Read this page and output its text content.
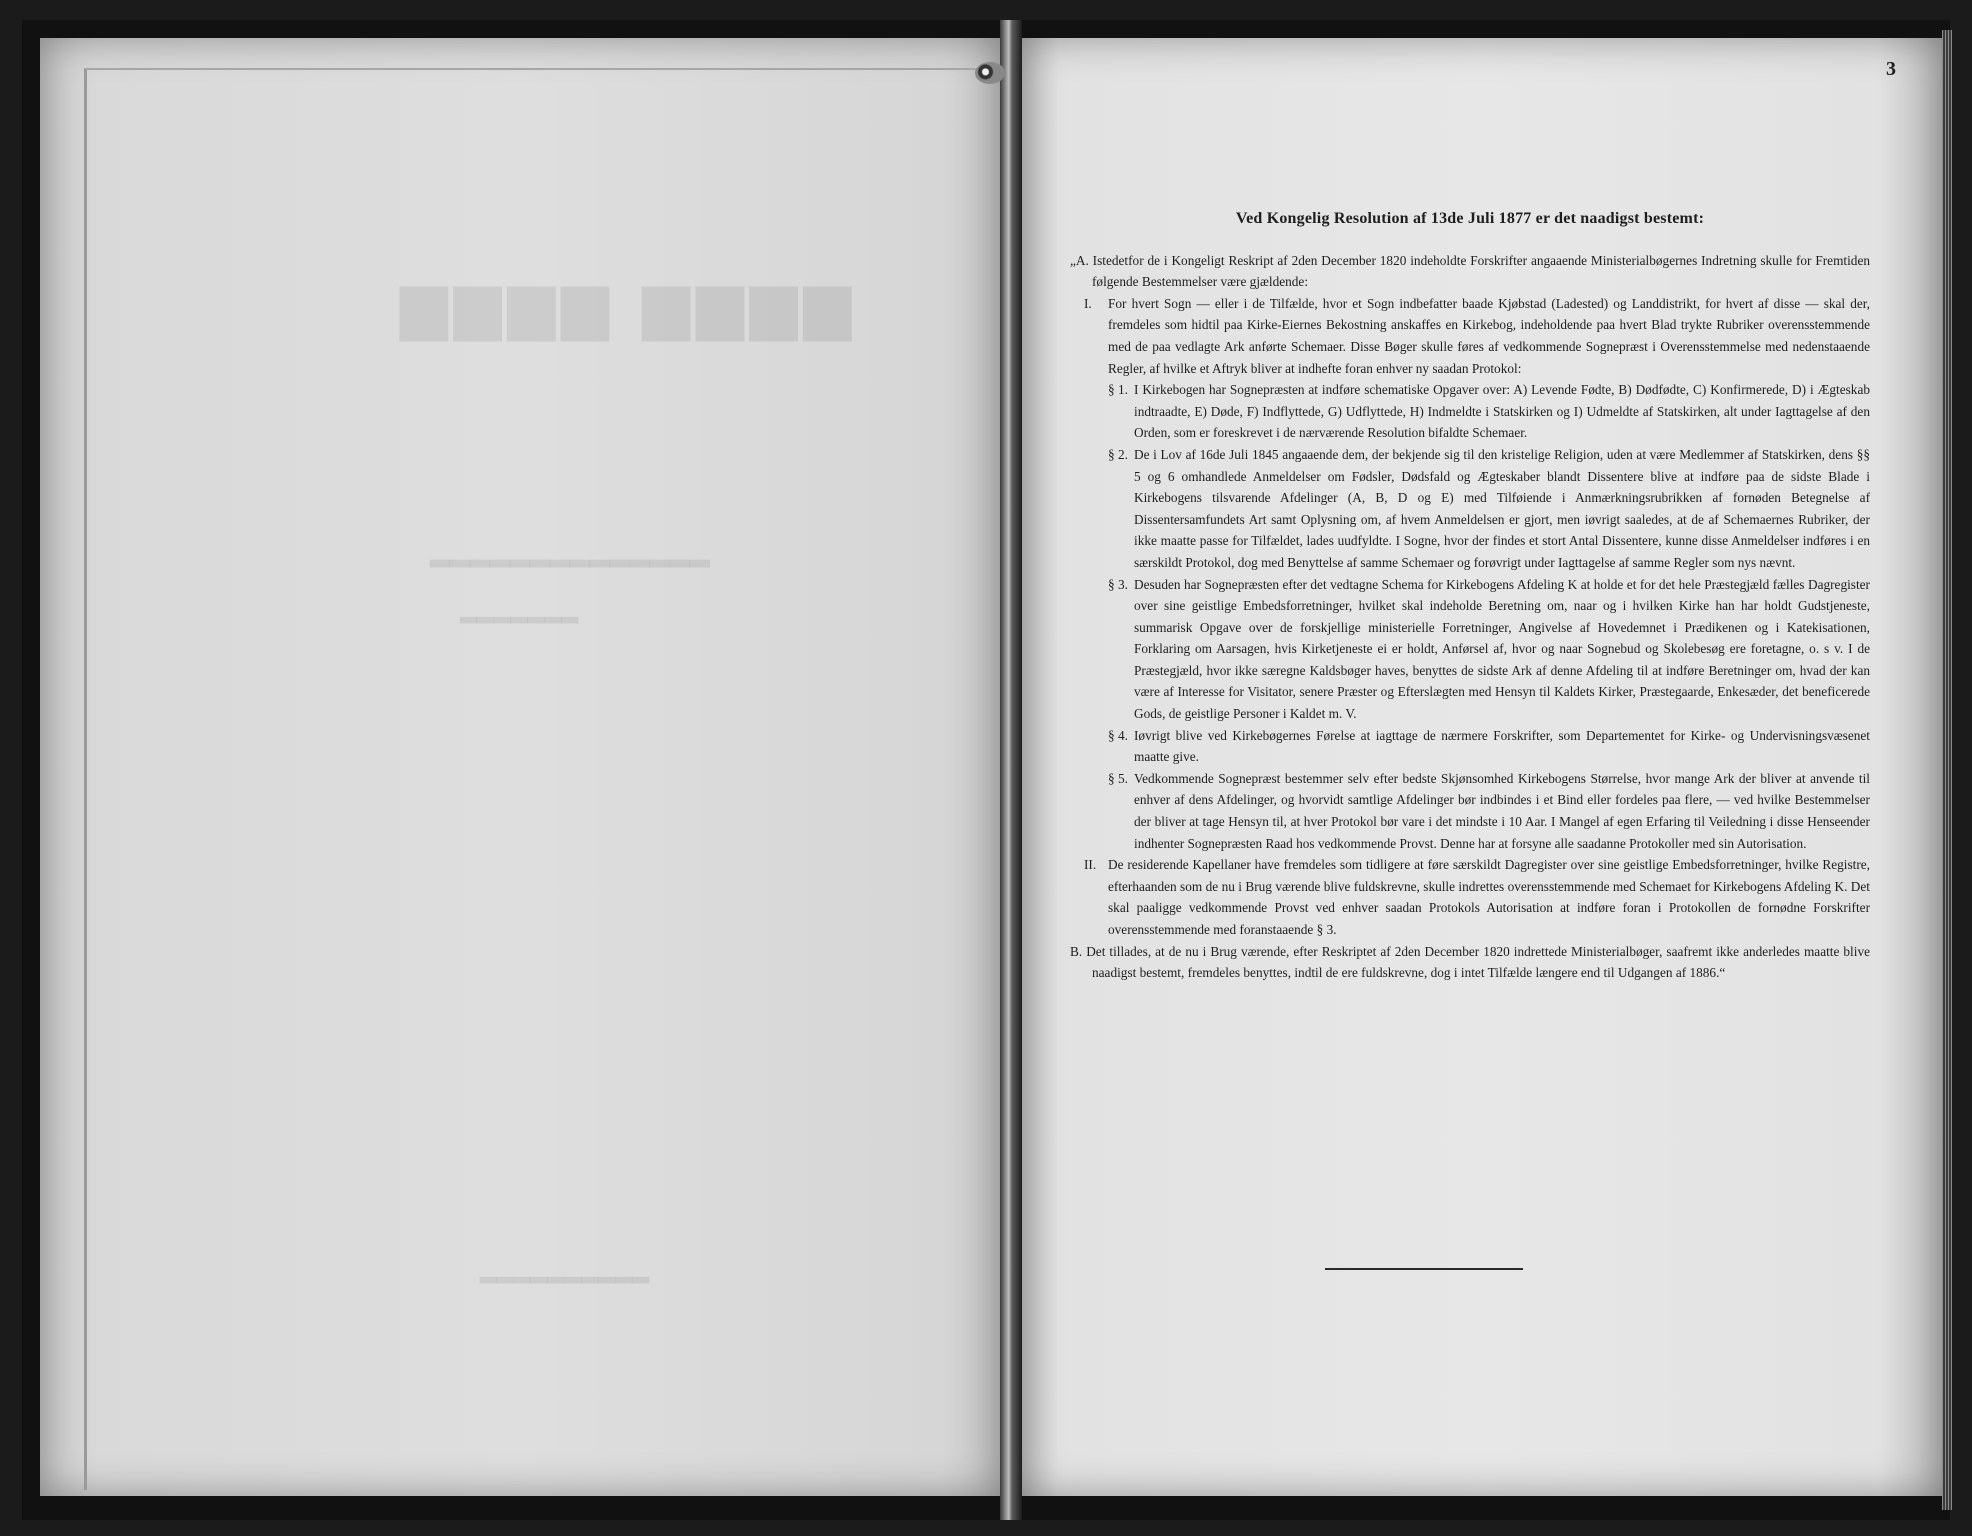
▆▆▆▆ ▆▆▆▆
▂▂▂▂▂▂▂▂▂▂▂▂▂▂
▂▂▂▂▂▂▂
▂▂▂▂▂▂▂▂▂▂
3

Ved Kongelig Resolution af 13de Juli 1877 er det naadigst bestemt:

„A. Istedetfor de i Kongeligt Reskript af 2den December 1820 indeholdte Forskrifter angaaende Ministerialbøgernes Indretning skulle for Fremtiden følgende Bestemmelser være gjældende:

I. For hvert Sogn — eller i de Tilfælde, hvor et Sogn indbefatter baade Kjøbstad (Ladested) og Landdistrikt, for hvert af disse — skal der, fremdeles som hidtil paa Kirke-Eiernes Bekostning anskaffes en Kirkebog, indeholdende paa hvert Blad trykte Rubriker overensstemmende med de paa vedlagte Ark anførte Schemaer. Disse Bøger skulle føres af vedkommende Sognepræst i Overensstemmelse med nedenstaaende Regler, af hvilke et Aftryk bliver at indhefte foran enhver ny saadan Protokol:

§ 1. I Kirkebogen har Sognepræsten at indføre schematiske Opgaver over: A) Levende Fødte, B) Dødfødte, C) Konfirmerede, D) i Ægteskab indtraadte, E) Døde, F) Indflyttede, G) Udflyttede, H) Indmeldte i Statskirken og I) Udmeldte af Statskirken, alt under Iagttagelse af den Orden, som er foreskrevet i de nærværende Resolution bifaldte Schemaer.

§ 2. De i Lov af 16de Juli 1845 angaaende dem, der bekjende sig til den kristelige Religion, uden at være Medlemmer af Statskirken, dens §§ 5 og 6 omhandlede Anmeldelser om Fødsler, Dødsfald og Ægteskaber blandt Dissentere blive at indføre paa de sidste Blade i Kirkebogens tilsvarende Afdelinger (A, B, D og E) med Tilføiende i Anmærkningsrubrikken af fornøden Betegnelse af Dissentersamfundets Art samt Oplysning om, af hvem Anmeldelsen er gjort, men iøvrigt saaledes, at de af Schemaernes Rubriker, der ikke maatte passe for Tilfældet, lades uudfyldte. I Sogne, hvor der findes et stort Antal Dissentere, kunne disse Anmeldelser indføres i en særskildt Protokol, dog med Benyttelse af samme Schemaer og forøvrigt under Iagttagelse af samme Regler som nys nævnt.

§ 3. Desuden har Sognepræsten efter det vedtagne Schema for Kirkebogens Afdeling K at holde et for det hele Præstegjæld fælles Dagregister over sine geistlige Embedsforretninger, hvilket skal indeholde Beretning om, naar og i hvilken Kirke han har holdt Gudstjeneste, summarisk Opgave over de forskjellige ministerielle Forretninger, Angivelse af Hovedemnet i Prædikenen og i Katekisationen, Forklaring om Aarsagen, hvis Kirketjeneste ei er holdt, Anførsel af, hvor og naar Sognebud og Skolebesøg ere foretagne, o. s v. I de Præstegjæld, hvor ikke særegne Kaldsbøger haves, benyttes de sidste Ark af denne Afdeling til at indføre Beretninger om, hvad der kan være af Interesse for Visitator, senere Præster og Efterslægten med Hensyn til Kaldets Kirker, Præstegaarde, Enkesæder, det beneficerede Gods, de geistlige Personer i Kaldet m. V.

§ 4. Iøvrigt blive ved Kirkebøgernes Førelse at iagttage de nærmere Forskrifter, som Departementet for Kirke- og Undervisningsvæsenet maatte give.

§ 5. Vedkommende Sognepræst bestemmer selv efter bedste Skjønsomhed Kirkebogens Størrelse, hvor mange Ark der bliver at anvende til enhver af dens Afdelinger, og hvorvidt samtlige Afdelinger bør indbindes i et Bind eller fordeles paa flere, — ved hvilke Bestemmelser der bliver at tage Hensyn til, at hver Protokol bør vare i det mindste i 10 Aar. I Mangel af egen Erfaring til Veiledning i disse Henseender indhenter Sognepræsten Raad hos vedkommende Provst. Denne har at forsyne alle saadanne Protokoller med sin Autorisation.

II. De residerende Kapellaner have fremdeles som tidligere at føre særskildt Dagregister over sine geistlige Embedsforretninger, hvilke Registre, efterhaanden som de nu i Brug værende blive fuldskrevne, skulle indrettes overensstemmende med Schemaet for Kirkebogens Afdeling K. Det skal paaligge vedkommende Provst ved enhver saadan Protokols Autorisation at indføre foran i Protokollen de fornødne Forskrifter overensstemmende med foranstaaende § 3.

B. Det tillades, at de nu i Brug værende, efter Reskriptet af 2den December 1820 indrettede Ministerialbøger, saafremt ikke anderledes maatte blive naadigst bestemt, fremdeles benyttes, indtil de ere fuldskrevne, dog i intet Tilfælde længere end til Udgangen af 1886.“
